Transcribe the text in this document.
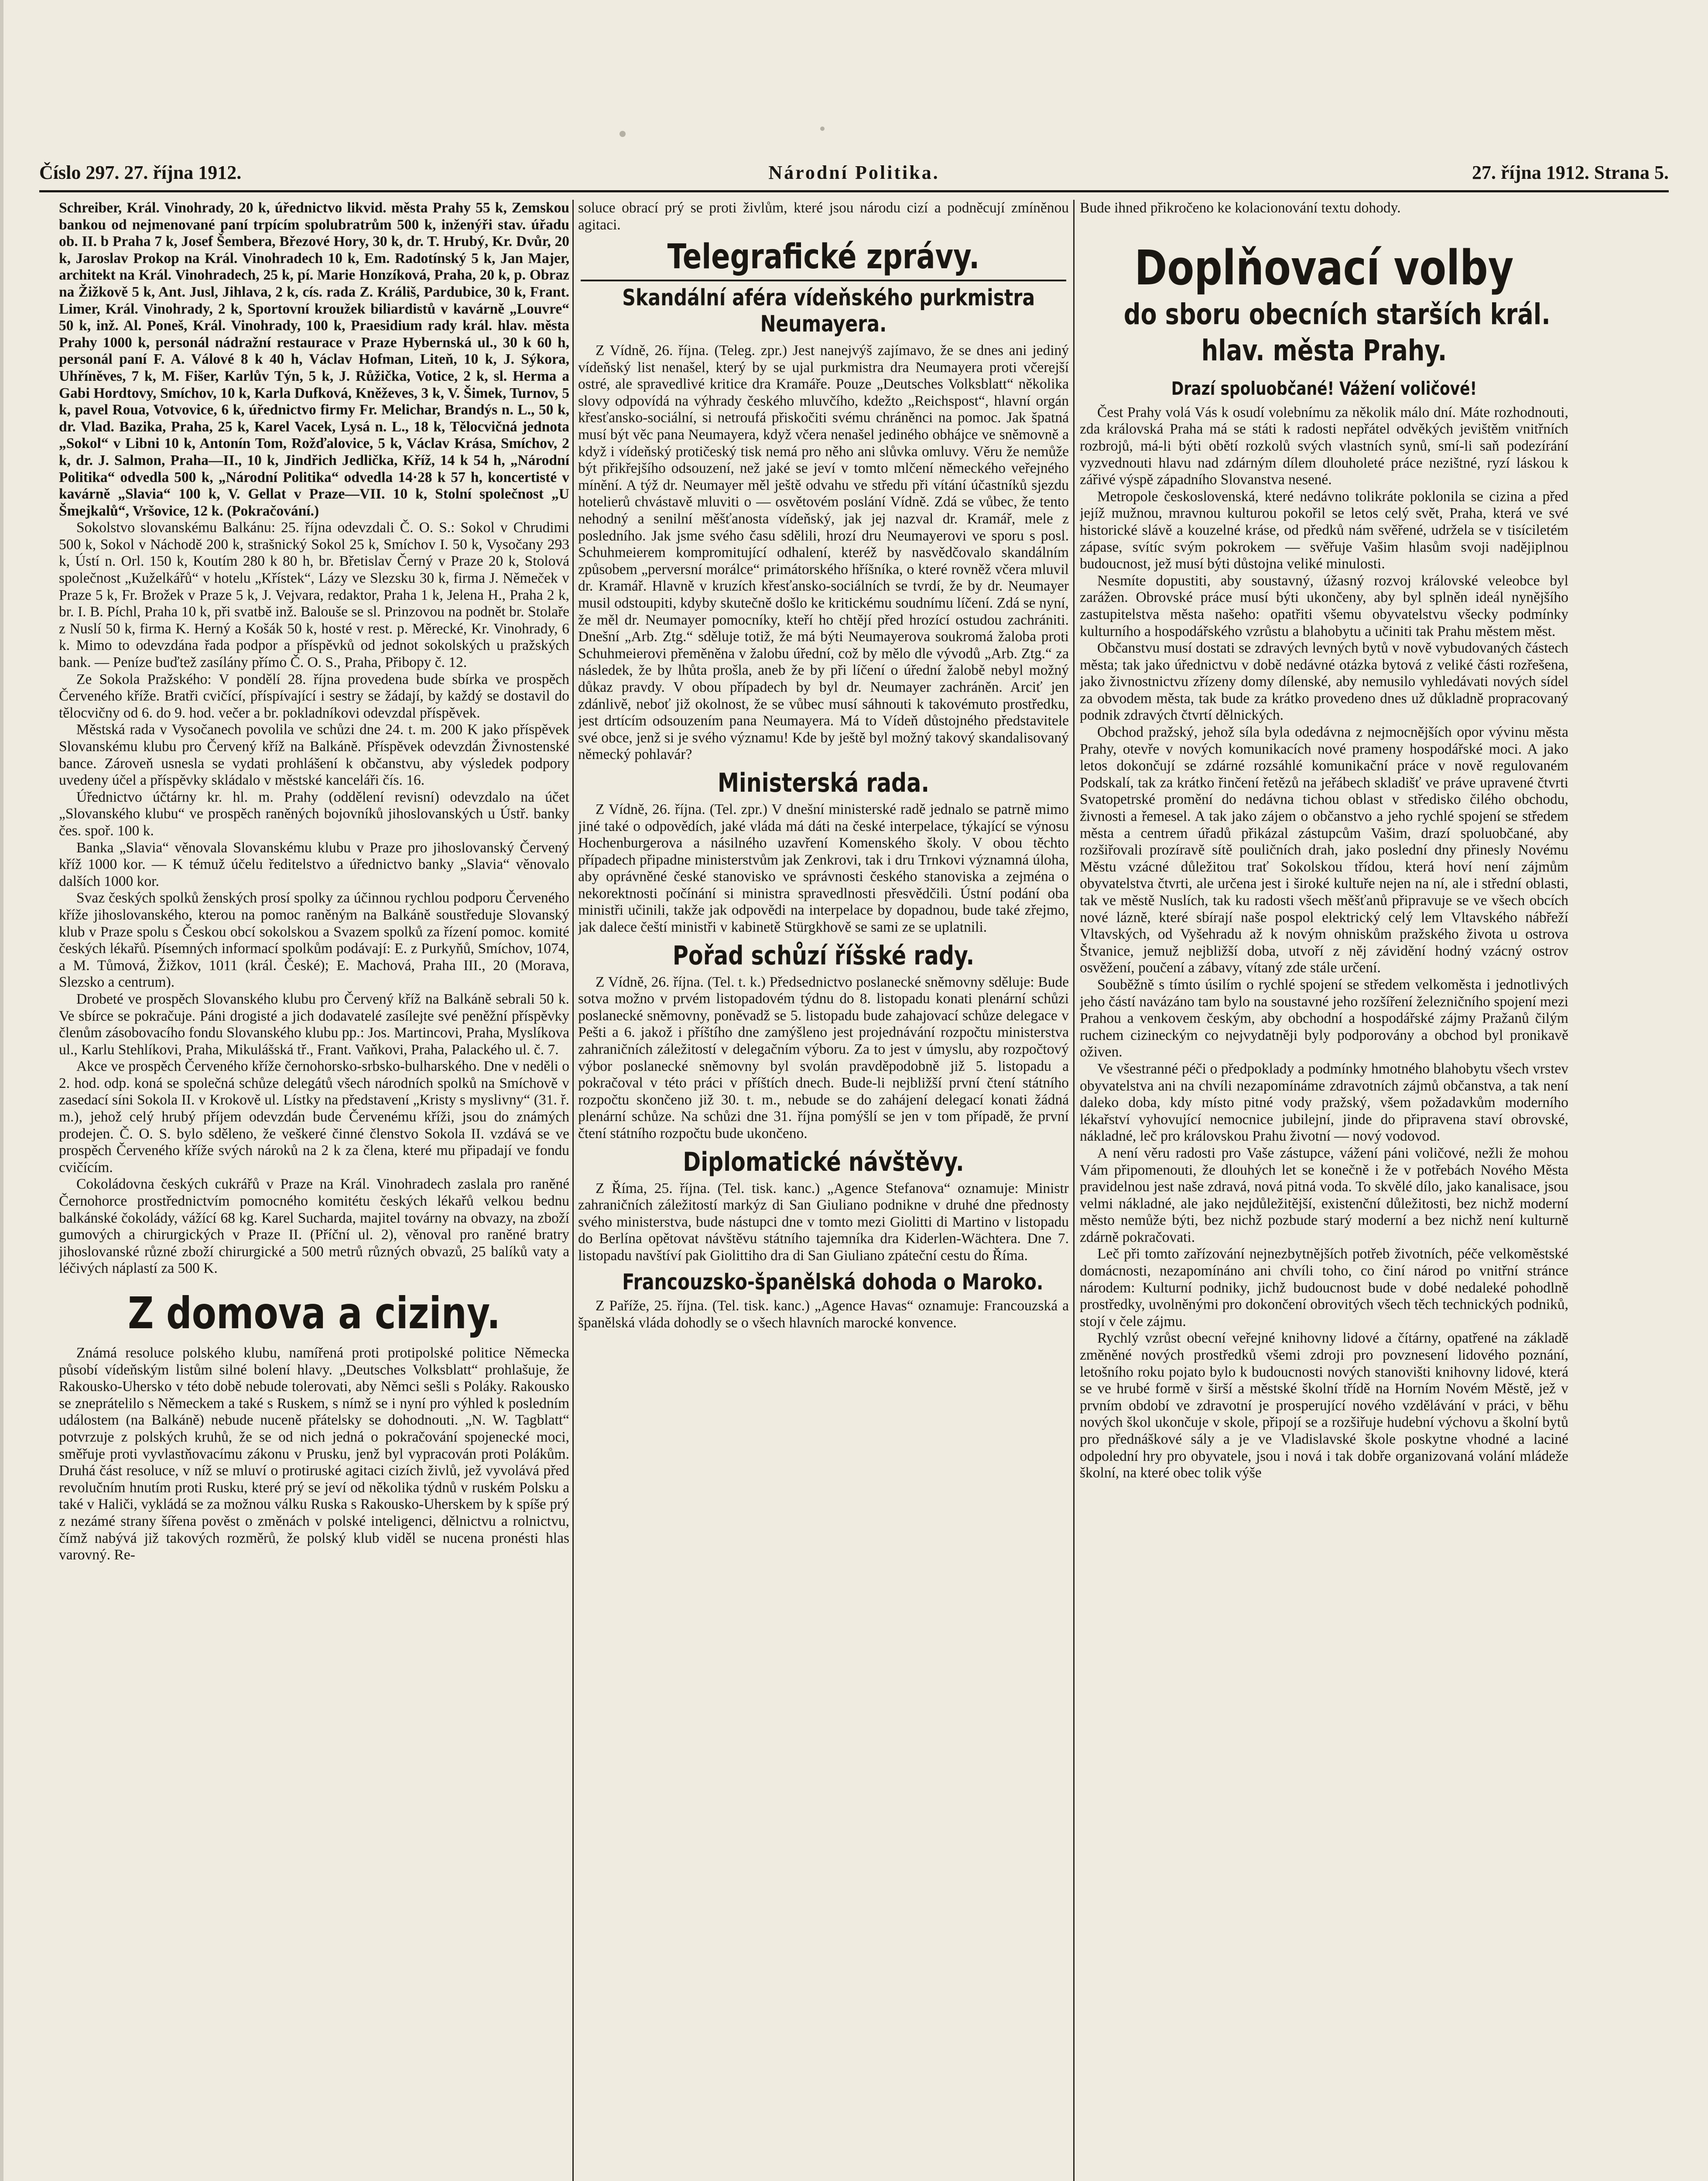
Číslo 297. 27. října 1912.	Národní Politika.	27. října 1912. Strana 5.

Schreiber, Král. Vinohrady, 20 k, úřednictvo likvid. města Prahy 55 k, Zemskou bankou od nejmenované paní trpícím spolubratrům 500 k, inženýři stav. úřadu ob. II. b Praha 7 k, Josef Šembera, Březové Hory, 30 k, dr. T. Hrubý, Kr. Dvůr, 20 k, Jaroslav Prokop na Král. Vinohradech 10 k, Em. Radotínský 5 k, Jan Majer, architekt na Král. Vinohradech, 25 k, pí. Marie Honzíková, Praha, 20 k, p. Obraz na Žižkově 5 k, Ant. Jusl, Jihlava, 2 k, cís. rada Z. Králiš, Pardubice, 30 k, Frant. Limer, Král. Vinohrady, 2 k, Sportovní kroužek biliardistů v kavárně „Louvre“ 50 k, inž. Al. Poneš, Král. Vinohrady, 100 k, Praesidium rady král. hlav. města Prahy 1000 k, personál nádražní restaurace v Praze Hybernská ul., 30 k 60 h, personál paní F. A. Válové 8 k 40 h, Václav Hofman, Liteň, 10 k, J. Sýkora, Uhříněves, 7 k, M. Fišer, Karlův Týn, 5 k, J. Růžička, Votice, 2 k, sl. Herma a Gabi Hordtovy, Smíchov, 10 k, Karla Dufková, Kněževes, 3 k, V. Šimek, Turnov, 5 k, pavel Roua, Votvovice, 6 k, úřednictvo firmy Fr. Melichar, Brandýs n. L., 50 k, dr. Vlad. Bazika, Praha, 25 k, Karel Vacek, Lysá n. L., 18 k, Tělocvičná jednota „Sokol“ v Libni 10 k, Antonín Tom, Rožďalovice, 5 k, Václav Krása, Smíchov, 2 k, dr. J. Salmon, Praha—II., 10 k, Jindřich Jedlička, Kříž, 14 k 54 h, „Národní Politika“ odvedla 500 k, „Národní Politika“ odvedla 14·28 k 57 h, koncertisté v kavárně „Slavia“ 100 k, V. Gellat v Praze—VII. 10 k, Stolní společnost „U Šmejkalů“, Vršovice, 12 k. (Pokračování.)

Sokolstvo slovanskému Balkánu: 25. října odevzdali Č. O. S.: Sokol v Chrudimi 500 k, Sokol v Náchodě 200 k, strašnický Sokol 25 k, Smíchov I. 50 k, Vysočany 293 k, Ústí n. Orl. 150 k, Koutím 280 k 80 h, br. Břetislav Černý v Praze 20 k, Stolová společnost „Kuželkářů“ v hotelu „Křístek“, Lázy ve Slezsku 30 k, firma J. Němeček v Praze 5 k, Fr. Brožek v Praze 5 k, J. Vejvara, redaktor, Praha 1 k, Jelena H., Praha 2 k, br. I. B. Píchl, Praha 10 k, při svatbě inž. Balouše se sl. Prinzovou na podnět br. Stolaře z Nuslí 50 k, firma K. Herný a Košák 50 k, hosté v rest. p. Měrecké, Kr. Vinohrady, 6 k. Mimo to odevzdána řada podpor a příspěvků od jednot sokolských u pražských bank. — Peníze buďtež zasílány přímo Č. O. S., Praha, Přibopy č. 12.

Ze Sokola Pražského: V pondělí 28. října provedena bude sbírka ve prospěch Červeného kříže. Bratři cvičící, příspívající i sestry se žádají, by každý se dostavil do tělocvičny od 6. do 9. hod. večer a br. pokladníkovi odevzdal příspěvek.

Městská rada v Vysočanech povolila ve schůzi dne 24. t. m. 200 K jako příspěvek Slovanskému klubu pro Červený kříž na Balkáně. Příspěvek odevzdán Živnostenské bance. Zároveň usnesla se vydati prohlášení k občanstvu, aby výsledek podpory uvedeny účel a příspěvky skládalo v městské kanceláři čís. 16.

Úřednictvo účtárny kr. hl. m. Prahy (oddělení revisní) odevzdalo na účet „Slovanského klubu“ ve prospěch raněných bojovníků jihoslovanských u Ústř. banky čes. spoř. 100 k.

Banka „Slavia“ věnovala Slovanskému klubu v Praze pro jihoslovanský Červený kříž 1000 kor. — K témuž účelu ředitelstvo a úřednictvo banky „Slavia“ věnovalo dalších 1000 kor.

Svaz českých spolků ženských prosí spolky za účinnou rychlou podporu Červeného kříže jihoslovanského, kterou na pomoc raněným na Balkáně soustředuje Slovanský klub v Praze spolu s Českou obcí sokolskou a Svazem spolků za řízení pomoc. komité českých lékařů. Písemných informací spolkům podávají: E. z Purkyňů, Smíchov, 1074, a M. Tůmová, Žižkov, 1011 (král. České); E. Machová, Praha III., 20 (Morava, Slezsko a centrum).

Drobeté ve prospěch Slovanského klubu pro Červený kříž na Balkáně sebrali 50 k. Ve sbírce se pokračuje. Páni drogisté a jich dodavatelé zasílejte své peněžní příspěvky členům zásobovacího fondu Slovanského klubu pp.: Jos. Martincovi, Praha, Myslíkova ul., Karlu Stehlíkovi, Praha, Mikulášská tř., Frant. Vaňkovi, Praha, Palackého ul. č. 7.

Akce ve prospěch Červeného kříže černohorsko-srbsko-bulharského. Dne v neděli o 2. hod. odp. koná se společná schůze delegátů všech národních spolků na Smíchově v zasedací síni Sokola II. v Krokově ul. Lístky na představení „Kristy s myslivny“ (31. ř. m.), jehož celý hrubý příjem odevzdán bude Červenému kříži, jsou do známých prodejen. Č. O. S. bylo sděleno, že veškeré činné členstvo Sokola II. vzdává se ve prospěch Červeného kříže svých nároků na 2 k za člena, které mu připadají ve fondu cvičícím.

Cokoládovna českých cukrářů v Praze na Král. Vinohradech zaslala pro raněné Černohorce prostřednictvím pomocného komitétu českých lékařů velkou bednu balkánské čokolády, vážící 68 kg. Karel Sucharda, majitel továrny na obvazy, na zboží gumových a chirurgických v Praze II. (Příční ul. 2), věnoval pro raněné bratry jihoslovanské různé zboží chirurgické a 500 metrů různých obvazů, 25 balíků vaty a léčivých náplastí za 500 K.

Z domova a ciziny.

Známá resoluce polského klubu, namířená proti protipolské politice Německa působí vídeňským listům silné bolení hlavy. „Deutsches Volksblatt“ prohlašuje, že Rakousko-Uhersko v této době nebude tolerovati, aby Němci sešli s Poláky. Rakousko se zneprátelilo s Německem a také s Ruskem, s nímž se i nyní pro výhled k posledním událostem (na Balkáně) nebude nuceně přátelsky se dohodnouti. „N. W. Tagblatt“ potvrzuje z polských kruhů, že se od nich jedná o pokračování spojenecké moci, směřuje proti vyvlastňovacímu zákonu v Prusku, jenž byl vypracován proti Polákům. Druhá část resoluce, v níž se mluví o protiruské agitaci cizích živlů, jež vyvolává před revolučním hnutím proti Rusku, které prý se jeví od několika týdnů v ruském Polsku a také v Haliči, vykládá se za možnou válku Ruska s Rakousko-Uherskem by k spíše prý z nezámé strany šířena pověst o změnách v polské inteligenci, dělnictvu a rolnictvu, čímž nabývá již takových rozměrů, že polský klub viděl se nucena pronésti hlas varovný. Re-

soluce obrací prý se proti živlům, které jsou národu cizí a podněcují zmíněnou agitaci.

Telegrafické zprávy.
Skandální aféra vídeňského purkmistra
Neumayera.

Z Vídně, 26. října. (Teleg. zpr.) Jest nanejvýš zajímavo, že se dnes ani jediný vídeňský list nenašel, který by se ujal purkmistra dra Neumayera proti včerejší ostré, ale spravedlivé kritice dra Kramáře. Pouze „Deutsches Volksblatt“ několika slovy odpovídá na výhrady českého mluvčího, kdežto „Reichspost“, hlavní orgán křesťansko-sociální, si netroufá přiskočiti svému chráněnci na pomoc. Jak špatná musí být věc pana Neumayera, když včera nenašel jediného obhájce ve sněmovně a když i vídeňský protičeský tisk nemá pro něho ani slůvka omluvy. Věru že nemůže být přikřejšího odsouzení, než jaké se jeví v tomto mlčení německého veřejného mínění. A týž dr. Neumayer měl ještě odvahu ve středu při vítání účastníků sjezdu hotelierů chvástavě mluviti o — osvětovém poslání Vídně. Zdá se vůbec, že tento nehodný a senilní měšťanosta vídeňský, jak jej nazval dr. Kramář, mele z posledního. Jak jsme svého času sdělili, hrozí dru Neumayerovi ve sporu s posl. Schuhmeierem kompromitující odhalení, kteréž by nasvědčovalo skandálním způsobem „perversní morálce“ primátorského hříšníka, o které rovněž včera mluvil dr. Kramář. Hlavně v kruzích křesťansko-sociálních se tvrdí, že by dr. Neumayer musil odstoupiti, kdyby skutečně došlo ke kritickému soudnímu líčení. Zdá se nyní, že měl dr. Neumayer pomocníky, kteří ho chtějí před hrozící ostudou zachrániti. Dnešní „Arb. Ztg.“ sděluje totiž, že má býti Neumayerova soukromá žaloba proti Schuhmeierovi přeměněna v žalobu úřední, což by mělo dle vývodů „Arb. Ztg.“ za následek, že by lhůta prošla, aneb že by při líčení o úřední žalobě nebyl možný důkaz pravdy. V obou případech by byl dr. Neumayer zachráněn. Arciť jen zdánlivě, neboť již okolnost, že se vůbec musí sáhnouti k takovémuto prostředku, jest drtícím odsouzením pana Neumayera. Má to Vídeň důstojného představitele své obce, jenž si je svého významu! Kde by ještě byl možný takový skandalisovaný německý pohlavár?

Ministerská rada.

Z Vídně, 26. října. (Tel. zpr.) V dnešní ministerské radě jednalo se patrně mimo jiné také o odpovědích, jaké vláda má dáti na české interpelace, týkající se výnosu Hochenburgerova a násilného uzavření Komenského školy. V obou těchto případech připadne ministerstvům jak Zenkrovi, tak i dru Trnkovi významná úloha, aby oprávněné české stanovisko ve správnosti českého stanoviska a zejména o nekorektnosti počínání si ministra spravedlnosti přesvědčili. Ústní podání oba ministři učinili, takže jak odpovědi na interpelace by dopadnou, bude také zřejmo, jak dalece čeští ministři v kabinetě Stürgkhově se sami ze se uplatnili.

Pořad schůzí říšské rady.

Z Vídně, 26. října. (Tel. t. k.) Předsednictvo poslanecké sněmovny sděluje: Bude sotva možno v prvém listopadovém týdnu do 8. listopadu konati plenární schůzi poslanecké sněmovny, poněvadž se 5. listopadu bude zahajovací schůze delegace v Pešti a 6. jakož i příštího dne zamýšleno jest projednávání rozpočtu ministerstva zahraničních záležitostí v delegačním výboru. Za to jest v úmyslu, aby rozpočtový výbor poslanecké sněmovny byl svolán pravděpodobně již 5. listopadu a pokračoval v této práci v příštích dnech. Bude-li nejbližší první čtení státního rozpočtu skončeno již 30. t. m., nebude se do zahájení delegací konati žádná plenární schůze. Na schůzi dne 31. října pomýšlí se jen v tom případě, že první čtení státního rozpočtu bude ukončeno.

Diplomatické návštěvy.

Z Říma, 25. října. (Tel. tisk. kanc.) „Agence Stefanova“ oznamuje: Ministr zahraničních záležitostí markýz di San Giuliano podnikne v druhé dne přednosty svého ministerstva, bude nástupci dne v tomto mezi Giolitti di Martino v listopadu do Berlína opětovat návštěvu státního tajemníka dra Kiderlen-Wächtera. Dne 7. listopadu navštíví pak Giolittiho dra di San Giuliano zpáteční cestu do Říma.

Francouzsko-španělská dohoda o Maroko.

Z Paříže, 25. října. (Tel. tisk. kanc.) „Agence Havas“ oznamuje: Francouzská a španělská vláda dohodly se o všech hlavních marocké konvence.

Bude ihned přikročeno ke kolacionování textu dohody.

Doplňovací volby
do sboru obecních starších král.
hlav. města Prahy.
Drazí spoluobčané! Vážení voličové!

Čest Prahy volá Vás k osudí volebnímu za několik málo dní. Máte rozhodnouti, zda královská Praha má se státi k radosti nepřátel odvěkých jevištěm vnitřních rozbrojů, má-li býti obětí rozkolů svých vlastních synů, smí-li saň podezírání vyzvednouti hlavu nad zdárným dílem dlouholeté práce nezištné, ryzí láskou k zářivé výspě západního Slovanstva nesené.

Metropole československá, které nedávno tolikráte poklonila se cizina a před jejíž mužnou, mravnou kulturou pokořil se letos celý svět, Praha, která ve své historické slávě a kouzelné kráse, od předků nám svěřené, udržela se v tisíciletém zápase, svítíc svým pokrokem — svěřuje Vašim hlasům svoji nadějiplnou budoucnost, jež musí býti důstojna veliké minulosti.

Nesmíte dopustiti, aby soustavný, úžasný rozvoj královské veleobce byl zarážen. Obrovské práce musí býti ukončeny, aby byl splněn ideál nynějšího zastupitelstva města našeho: opatřiti všemu obyvatelstvu všecky podmínky kulturního a hospodářského vzrůstu a blahobytu a učiniti tak Prahu městem měst.

Občanstvu musí dostati se zdravých levných bytů v nově vybudovaných částech města; tak jako úřednictvu v době nedávné otázka bytová z veliké části rozřešena, jako živnostnictvu zřízeny domy dílenské, aby nemusilo vyhledávati nových sídel za obvodem města, tak bude za krátko provedeno dnes už důkladně propracovaný podnik zdravých čtvrtí dělnických.

Obchod pražský, jehož síla byla odedávna z nejmocnějších opor vývinu města Prahy, otevře v nových komunikacích nové prameny hospodářské moci. A jako letos dokončují se zdárné rozsáhlé komunikační práce v nově regulovaném Podskalí, tak za krátko řinčení řetězů na jeřábech skladišť ve práve upravené čtvrti Svatopetrské promění do nedávna tichou oblast v středisko čilého obchodu, živnosti a řemesel. A tak jako zájem o občanstvo a jeho rychlé spojení se středem města a centrem úřadů přikázal zástupcům Vašim, drazí spoluobčané, aby rozšiřovali prozíravě sítě pouličních drah, jako poslední dny přinesly Novému Městu vzácné důležitou trať Sokolskou třídou, která hoví není zájmům obyvatelstva čtvrti, ale určena jest i široké kultuře nejen na ní, ale i střední oblasti, tak ve městě Nuslích, tak ku radosti všech měšťanů připravuje se ve všech obcích nové lázně, které sbírají naše pospol elektrický celý lem Vltavského nábřeží Vltavských, od Vyšehradu až k novým ohniskům pražského života u ostrova Štvanice, jemuž nejbližší doba, utvoří z něj závidění hodný vzácný ostrov osvěžení, poučení a zábavy, vítaný zde stále určení.

Souběžně s tímto úsilím o rychlé spojení se středem velkoměsta i jednotlivých jeho částí navázáno tam bylo na soustavné jeho rozšíření železničního spojení mezi Prahou a venkovem českým, aby obchodní a hospodářské zájmy Pražanů čilým ruchem cizineckým co nejvydatněji byly podporovány a obchod byl pronikavě oživen.

Ve všestranné péči o předpoklady a podmínky hmotného blahobytu všech vrstev obyvatelstva ani na chvíli nezapomínáme zdravotních zájmů občanstva, a tak není daleko doba, kdy místo pitné vody pražský, všem požadavkům moderního lékařství vyhovující nemocnice jubilejní, jinde do připravena staví obrovské, nákladné, leč pro královskou Prahu životní — nový vodovod.

A není věru radosti pro Vaše zástupce, vážení páni voličové, nežli že mohou Vám připomenouti, že dlouhých let se konečně i že v potřebách Nového Města pravidelnou jest naše zdravá, nová pitná voda. To skvělé dílo, jako kanalisace, jsou velmi nákladné, ale jako nejdůležitější, existenční důležitosti, bez nichž moderní město nemůže býti, bez nichž pozbude starý moderní a bez nichž není kulturně zdárně pokračovati.

Leč při tomto zařízování nejnezbytnějších potřeb životních, péče velkoměstské domácnosti, nezapomínáno ani chvíli toho, co činí národ po vnitřní stránce národem: Kulturní podniky, jichž budoucnost bude v dobé nedaleké pohodlně prostředky, uvolněnými pro dokončení obrovitých všech těch technických podniků, stojí v čele zájmu.

Rychlý vzrůst obecní veřejné knihovny lidové a čítárny, opatřené na základě změněné nových prostředků všemi zdroji pro povznesení lidového poznání, letošního roku pojato bylo k budoucnosti nových stanovišti knihovny lidové, která se ve hrubé formě v širší a městské školní třídě na Horním Novém Městě, jež v prvním období ve zdravotní je prosperující nového vzdělávání v práci, v běhu nových škol ukončuje v skole, připojí se a rozšiřuje hudební výchovu a školní bytů pro přednáškové sály a je ve Vladislavské škole poskytne vhodné a laciné odpolední hry pro obyvatele, jsou i nová i tak dobře organizovaná volání mládeže školní, na které obec tolik výše
